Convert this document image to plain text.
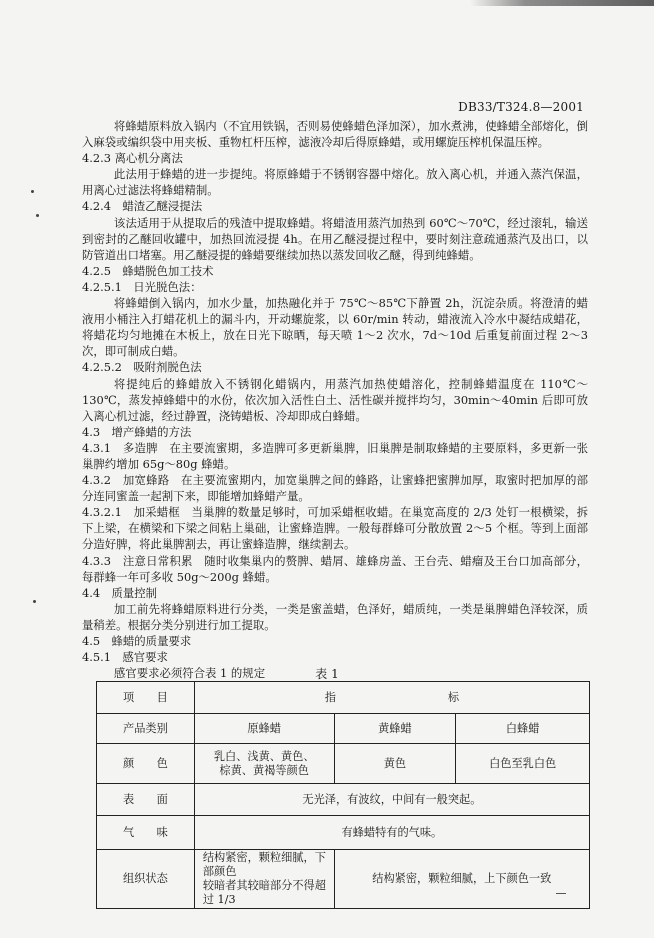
DB33/T324.8—2001

将蜂蜡原料放入锅内（不宜用铁锅，否则易使蜂蜡色泽加深），加水煮沸，使蜂蜡全部熔化，倒入麻袋或编织袋中用夹板、重物杠杆压榨，滤液冷却后得原蜂蜡，或用螺旋压榨机保温压榨。

4.2.3 离心机分离法

此法用于蜂蜡的进一步提纯。将原蜂蜡于不锈钢容器中熔化。放入离心机，并通入蒸汽保温，用离心过滤法将蜂蜡精制。

4.2.4　蜡渣乙醚浸提法

该法适用于从提取后的残渣中提取蜂蜡。将蜡渣用蒸汽加热到 60℃～70℃，经过滚轧，输送到密封的乙醚回收罐中，加热回流浸提 4h。在用乙醚浸提过程中，要时刻注意疏通蒸汽及出口，以防管道出口堵塞。用乙醚浸提的蜂蜡要继续加热以蒸发回收乙醚，得到纯蜂蜡。

4.2.5　蜂蜡脱色加工技术

4.2.5.1　日光脱色法：

将蜂蜡倒入锅内，加水少量，加热融化并于 75℃～85℃下静置 2h，沉淀杂质。将澄清的蜡液用小桶注入打蜡花机上的漏斗内，开动螺旋浆，以 60r/min 转动，蜡液流入冷水中凝结成蜡花，将蜡花均匀地摊在木板上，放在日光下晾晒，每天喷 1～2 次水，7d～10d 后重复前面过程 2～3 次，即可制成白蜡。

4.2.5.2　吸附剂脱色法

将提纯后的蜂蜡放入不锈钢化蜡锅内，用蒸汽加热使蜡溶化，控制蜂蜡温度在 110℃～130℃，蒸发掉蜂蜡中的水份，依次加入活性白土、活性碳并搅拌均匀，30min～40min 后即可放入离心机过滤，经过静置，浇铸蜡板、冷却即成白蜂蜡。

4.3　增产蜂蜡的方法

4.3.1　多造脾　在主要流蜜期，多造脾可多更新巢脾，旧巢脾是制取蜂蜡的主要原料，多更新一张巢脾约增加 65g～80g 蜂蜡。

4.3.2　加宽蜂路　在主要流蜜期内，加宽巢脾之间的蜂路，让蜜蜂把蜜脾加厚，取蜜时把加厚的部分连同蜜盖一起割下来，即能增加蜂蜡产量。

4.3.2.1　加采蜡框　当巢脾的数量足够时，可加采蜡框收蜡。在巢宽高度的 2/3 处钉一根横梁，拆下上梁，在横梁和下梁之间粘上巢础，让蜜蜂造脾。一般每群蜂可分散放置 2～5 个框。等到上面部分造好脾，将此巢脾割去，再让蜜蜂造脾，继续割去。

4.3.3　注意日常积累　随时收集巢内的赘脾、蜡屑、雄蜂房盖、王台壳、蜡瘤及王台口加高部分，每群蜂一年可多收 50g～200g 蜂蜡。

4.4　质量控制

加工前先将蜂蜡原料进行分类，一类是蜜盖蜡，色泽好，蜡质纯，一类是巢脾蜡色泽较深，质量稍差。根据分类分别进行加工提取。

4.5　蜂蜡的质量要求

4.5.1　感官要求

感官要求必须符合表 1 的规定	表 1
项　　目	指　　　　　　　　　　标		
产品类别	原蜂蜡	黄蜂蜡	白蜂蜡
颜　　色	乳白、浅黄、黄色、
棕黄、黄褐等颜色	黄色	白色至乳白色
表　　面	无光泽，有波纹，中间有一般突起。		
气　　味	有蜂蜡特有的气味。		
组织状态	结构紧密，颗粒细腻，下部颜色
较暗者其较暗部分不得超过 1/3	结构紧密，颗粒细腻，上下颜色一致	
